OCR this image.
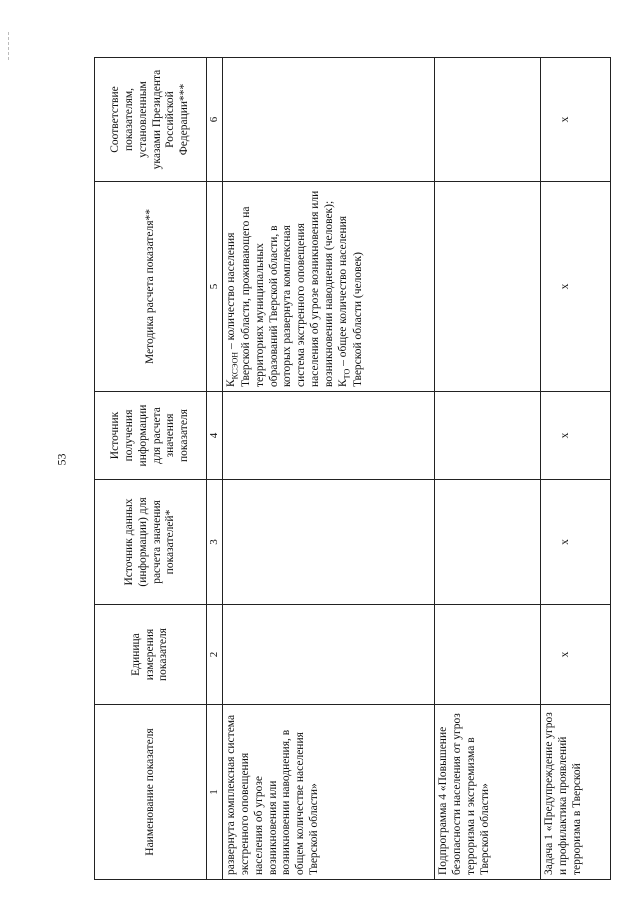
53
Наименование показателя	Единица измерения показателя	Источник данных (информации) для расчета значения показателей*	Источник получения информации для расчета значения показателя	Методика расчета показателя**	Соответствие показателям, установленным указами Президента Российской Федерации***
1	2	3	4	5	6
развернута комплексная система экстренного оповещения населения об угрозе возникновения или возникновении наводнения, в общем количестве населения Тверской области»				$К_{КСЭОН}$ – количество населения Тверской области, проживающего на территориях муниципальных образований Тверской области, в которых развернута комплексная система экстренного оповещения населения об угрозе возникновения или возникновении наводнения (человек); $К_{ТО}$ – общее количество населения Тверской области (человек)	
Подпрограмма 4 «Повышение безопасности населения от угроз терроризма и экстремизма в Тверской области»					
Задача 1 «Предупреждение угроз и профилактика проявлений терроризма в Тверской	х	х	х	х	х
